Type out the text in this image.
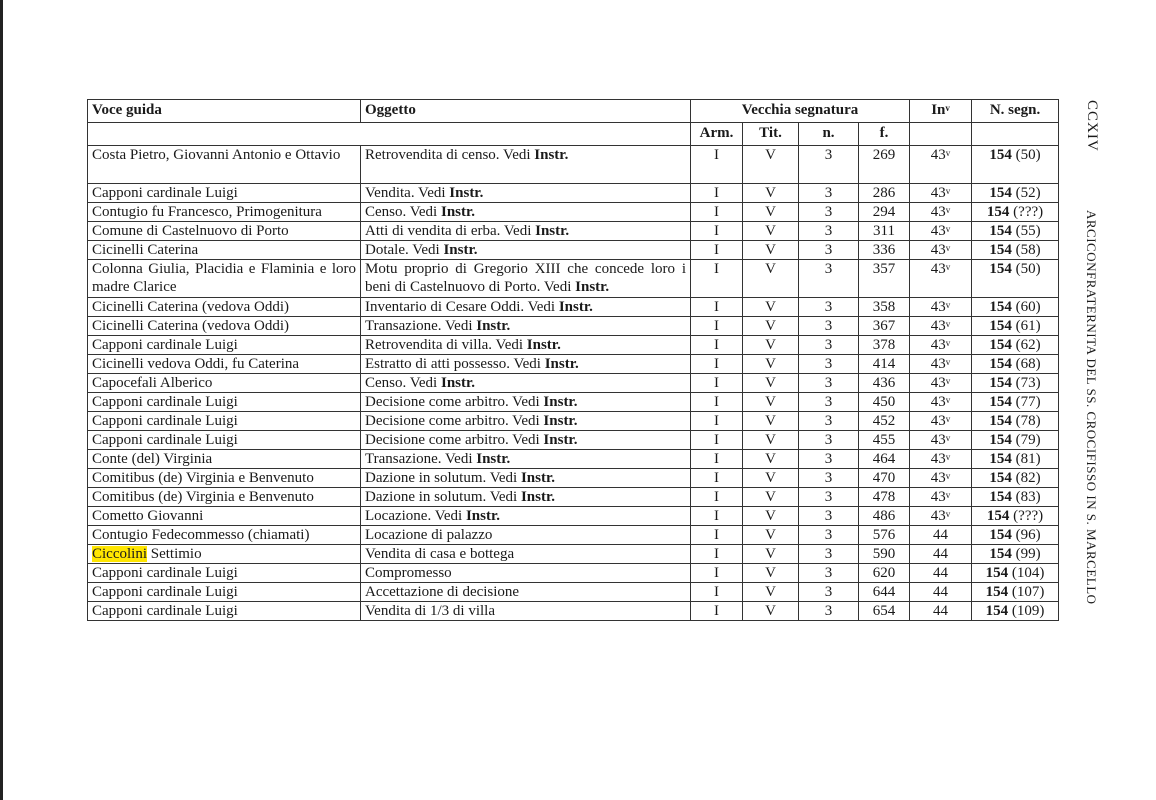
CCXIV
ARCICONFRATERNITA DEL SS. CROCIFISSO IN S. MARCELLO
Voce guida	Oggetto	Vecchia segnatura				In$^v$	N. segn.
		Arm.	Tit.	n.	f.		
Costa Pietro, Giovanni Antonio e Ottavio	Retrovendita di censo. Vedi Instr.	I	V	3	269	43$^v$	154 (50)
Capponi cardinale Luigi	Vendita. Vedi Instr.	I	V	3	286	43$^v$	154 (52)
Contugio fu Francesco, Primogenitura	Censo. Vedi Instr.	I	V	3	294	43$^v$	154 (???)
Comune di Castelnuovo di Porto	Atti di vendita di erba. Vedi Instr.	I	V	3	311	43$^v$	154 (55)
Cicinelli Caterina	Dotale. Vedi Instr.	I	V	3	336	43$^v$	154 (58)
Colonna Giulia, Placidia e Flaminia e loro madre Clarice	Motu proprio di Gregorio XIII che concede loro i beni di Castelnuovo di Porto. Vedi Instr.	I	V	3	357	43$^v$	154 (50)
Cicinelli Caterina (vedova Oddi)	Inventario di Cesare Oddi. Vedi Instr.	I	V	3	358	43$^v$	154 (60)
Cicinelli Caterina (vedova Oddi)	Transazione. Vedi Instr.	I	V	3	367	43$^v$	154 (61)
Capponi cardinale Luigi	Retrovendita di villa. Vedi Instr.	I	V	3	378	43$^v$	154 (62)
Cicinelli vedova Oddi, fu Caterina	Estratto di atti possesso. Vedi Instr.	I	V	3	414	43$^v$	154 (68)
Capocefali Alberico	Censo. Vedi Instr.	I	V	3	436	43$^v$	154 (73)
Capponi cardinale Luigi	Decisione come arbitro. Vedi Instr.	I	V	3	450	43$^v$	154 (77)
Capponi cardinale Luigi	Decisione come arbitro. Vedi Instr.	I	V	3	452	43$^v$	154 (78)
Capponi cardinale Luigi	Decisione come arbitro. Vedi Instr.	I	V	3	455	43$^v$	154 (79)
Conte (del) Virginia	Transazione. Vedi Instr.	I	V	3	464	43$^v$	154 (81)
Comitibus (de) Virginia e Benvenuto	Dazione in solutum. Vedi Instr.	I	V	3	470	43$^v$	154 (82)
Comitibus (de) Virginia e Benvenuto	Dazione in solutum. Vedi Instr.	I	V	3	478	43$^v$	154 (83)
Cometto Giovanni	Locazione. Vedi Instr.	I	V	3	486	43$^v$	154 (???)
Contugio Fedecommesso (chiamati)	Locazione di palazzo	I	V	3	576	44	154 (96)
Ciccolini Settimio	Vendita di casa e bottega	I	V	3	590	44	154 (99)
Capponi cardinale Luigi	Compromesso	I	V	3	620	44	154 (104)
Capponi cardinale Luigi	Accettazione di decisione	I	V	3	644	44	154 (107)
Capponi cardinale Luigi	Vendita di 1/3 di villa	I	V	3	654	44	154 (109)
